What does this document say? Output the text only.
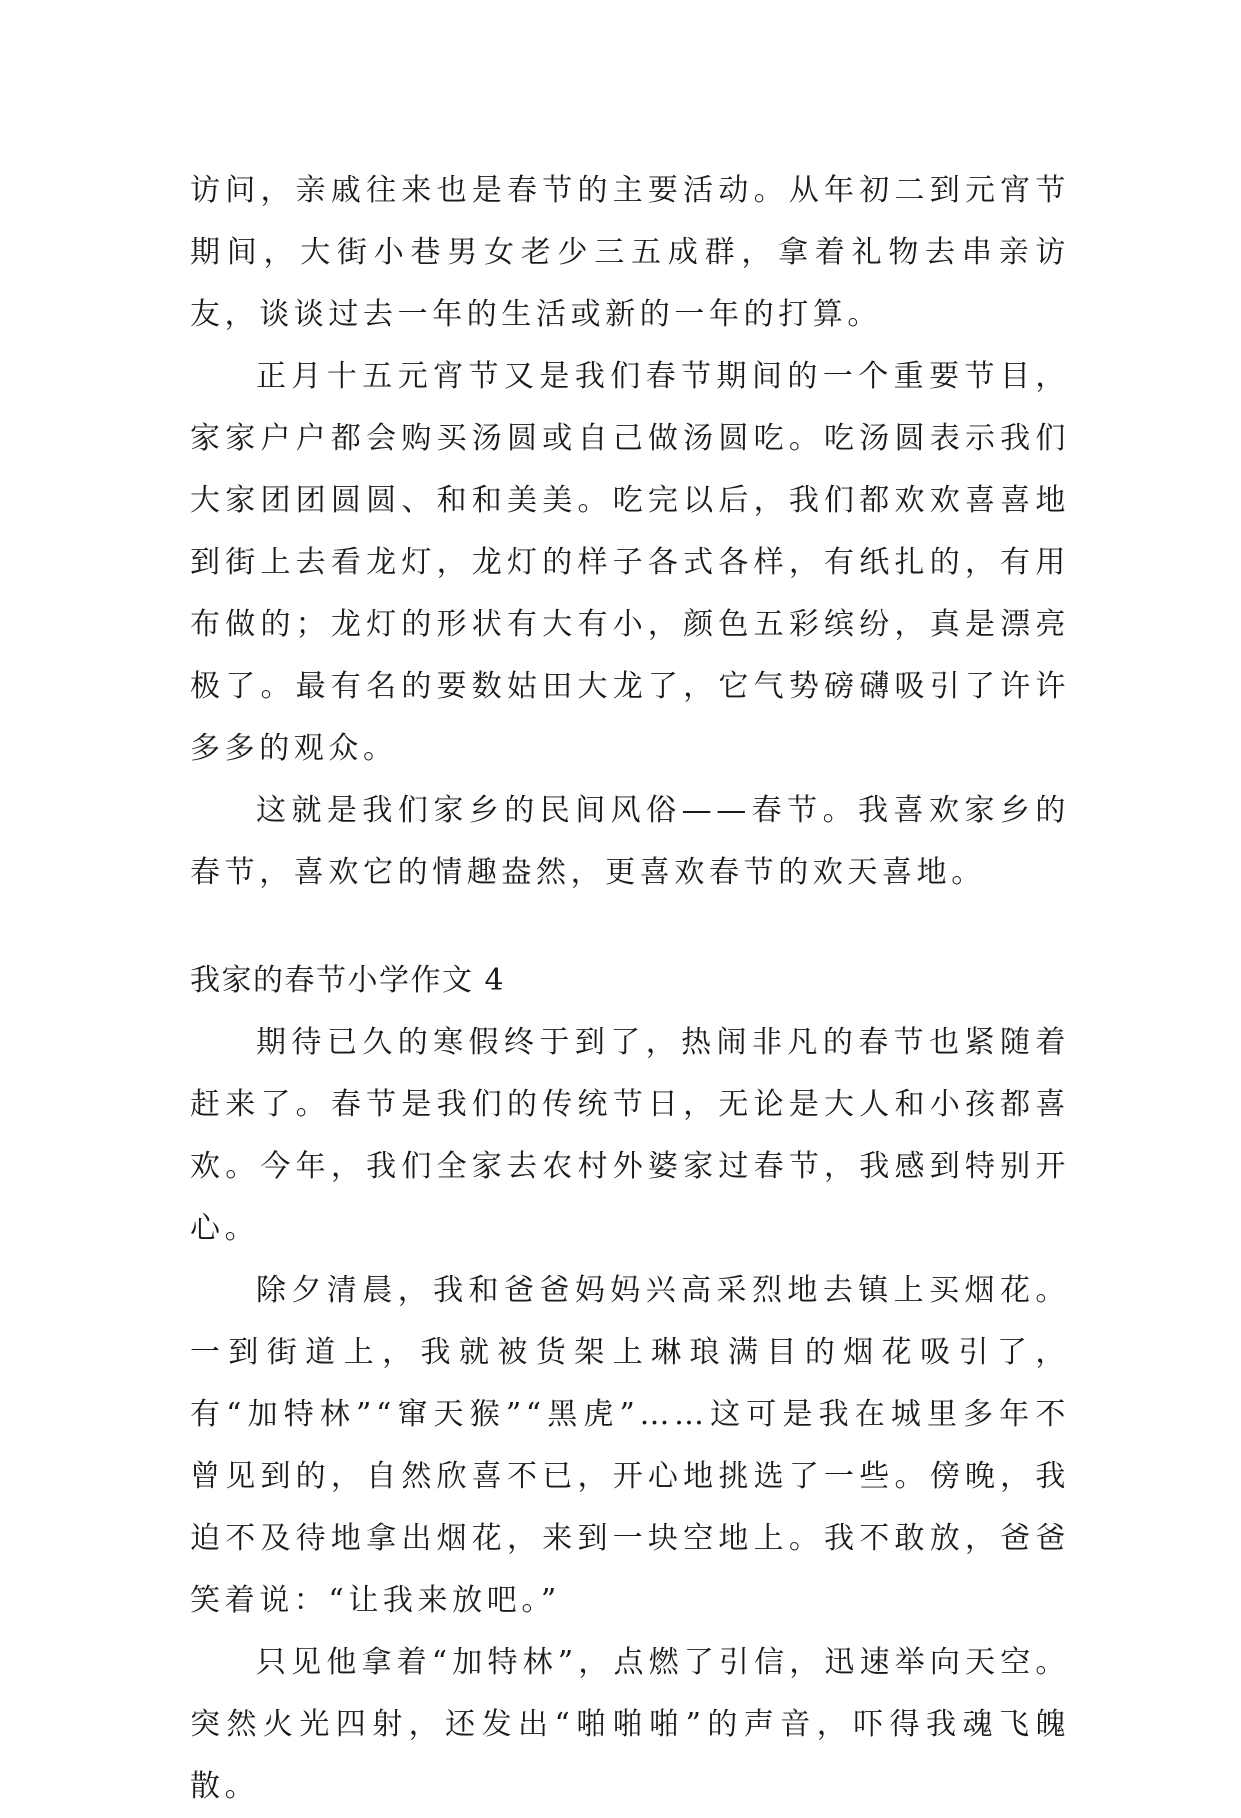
访问，亲戚往来也是春节的主要活动。从年初二到元宵节期间，大街小巷男女老少三五成群，拿着礼物去串亲访友，谈谈过去一年的生活或新的一年的打算。

正月十五元宵节又是我们春节期间的一个重要节目，家家户户都会购买汤圆或自己做汤圆吃。吃汤圆表示我们大家团团圆圆、和和美美。吃完以后，我们都欢欢喜喜地到街上去看龙灯，龙灯的样子各式各样，有纸扎的，有用布做的；龙灯的形状有大有小，颜色五彩缤纷，真是漂亮极了。最有名的要数姑田大龙了，它气势磅礴吸引了许许多多的观众。

这就是我们家乡的民间风俗——春节。我喜欢家乡的春节，喜欢它的情趣盎然，更喜欢春节的欢天喜地。

我家的春节小学作文 4

期待已久的寒假终于到了，热闹非凡的春节也紧随着赶来了。春节是我们的传统节日，无论是大人和小孩都喜欢。今年，我们全家去农村外婆家过春节，我感到特别开心。

除夕清晨，我和爸爸妈妈兴高采烈地去镇上买烟花。一到街道上，我就被货架上琳琅满目的烟花吸引了，有“加特林”“窜天猴”“黑虎”……这可是我在城里多年不曾见到的，自然欣喜不已，开心地挑选了一些。傍晚，我迫不及待地拿出烟花，来到一块空地上。我不敢放，爸爸笑着说：“让我来放吧。”

只见他拿着“加特林”，点燃了引信，迅速举向天空。突然火光四射，还发出“啪啪啪”的声音，吓得我魂飞魄散。
